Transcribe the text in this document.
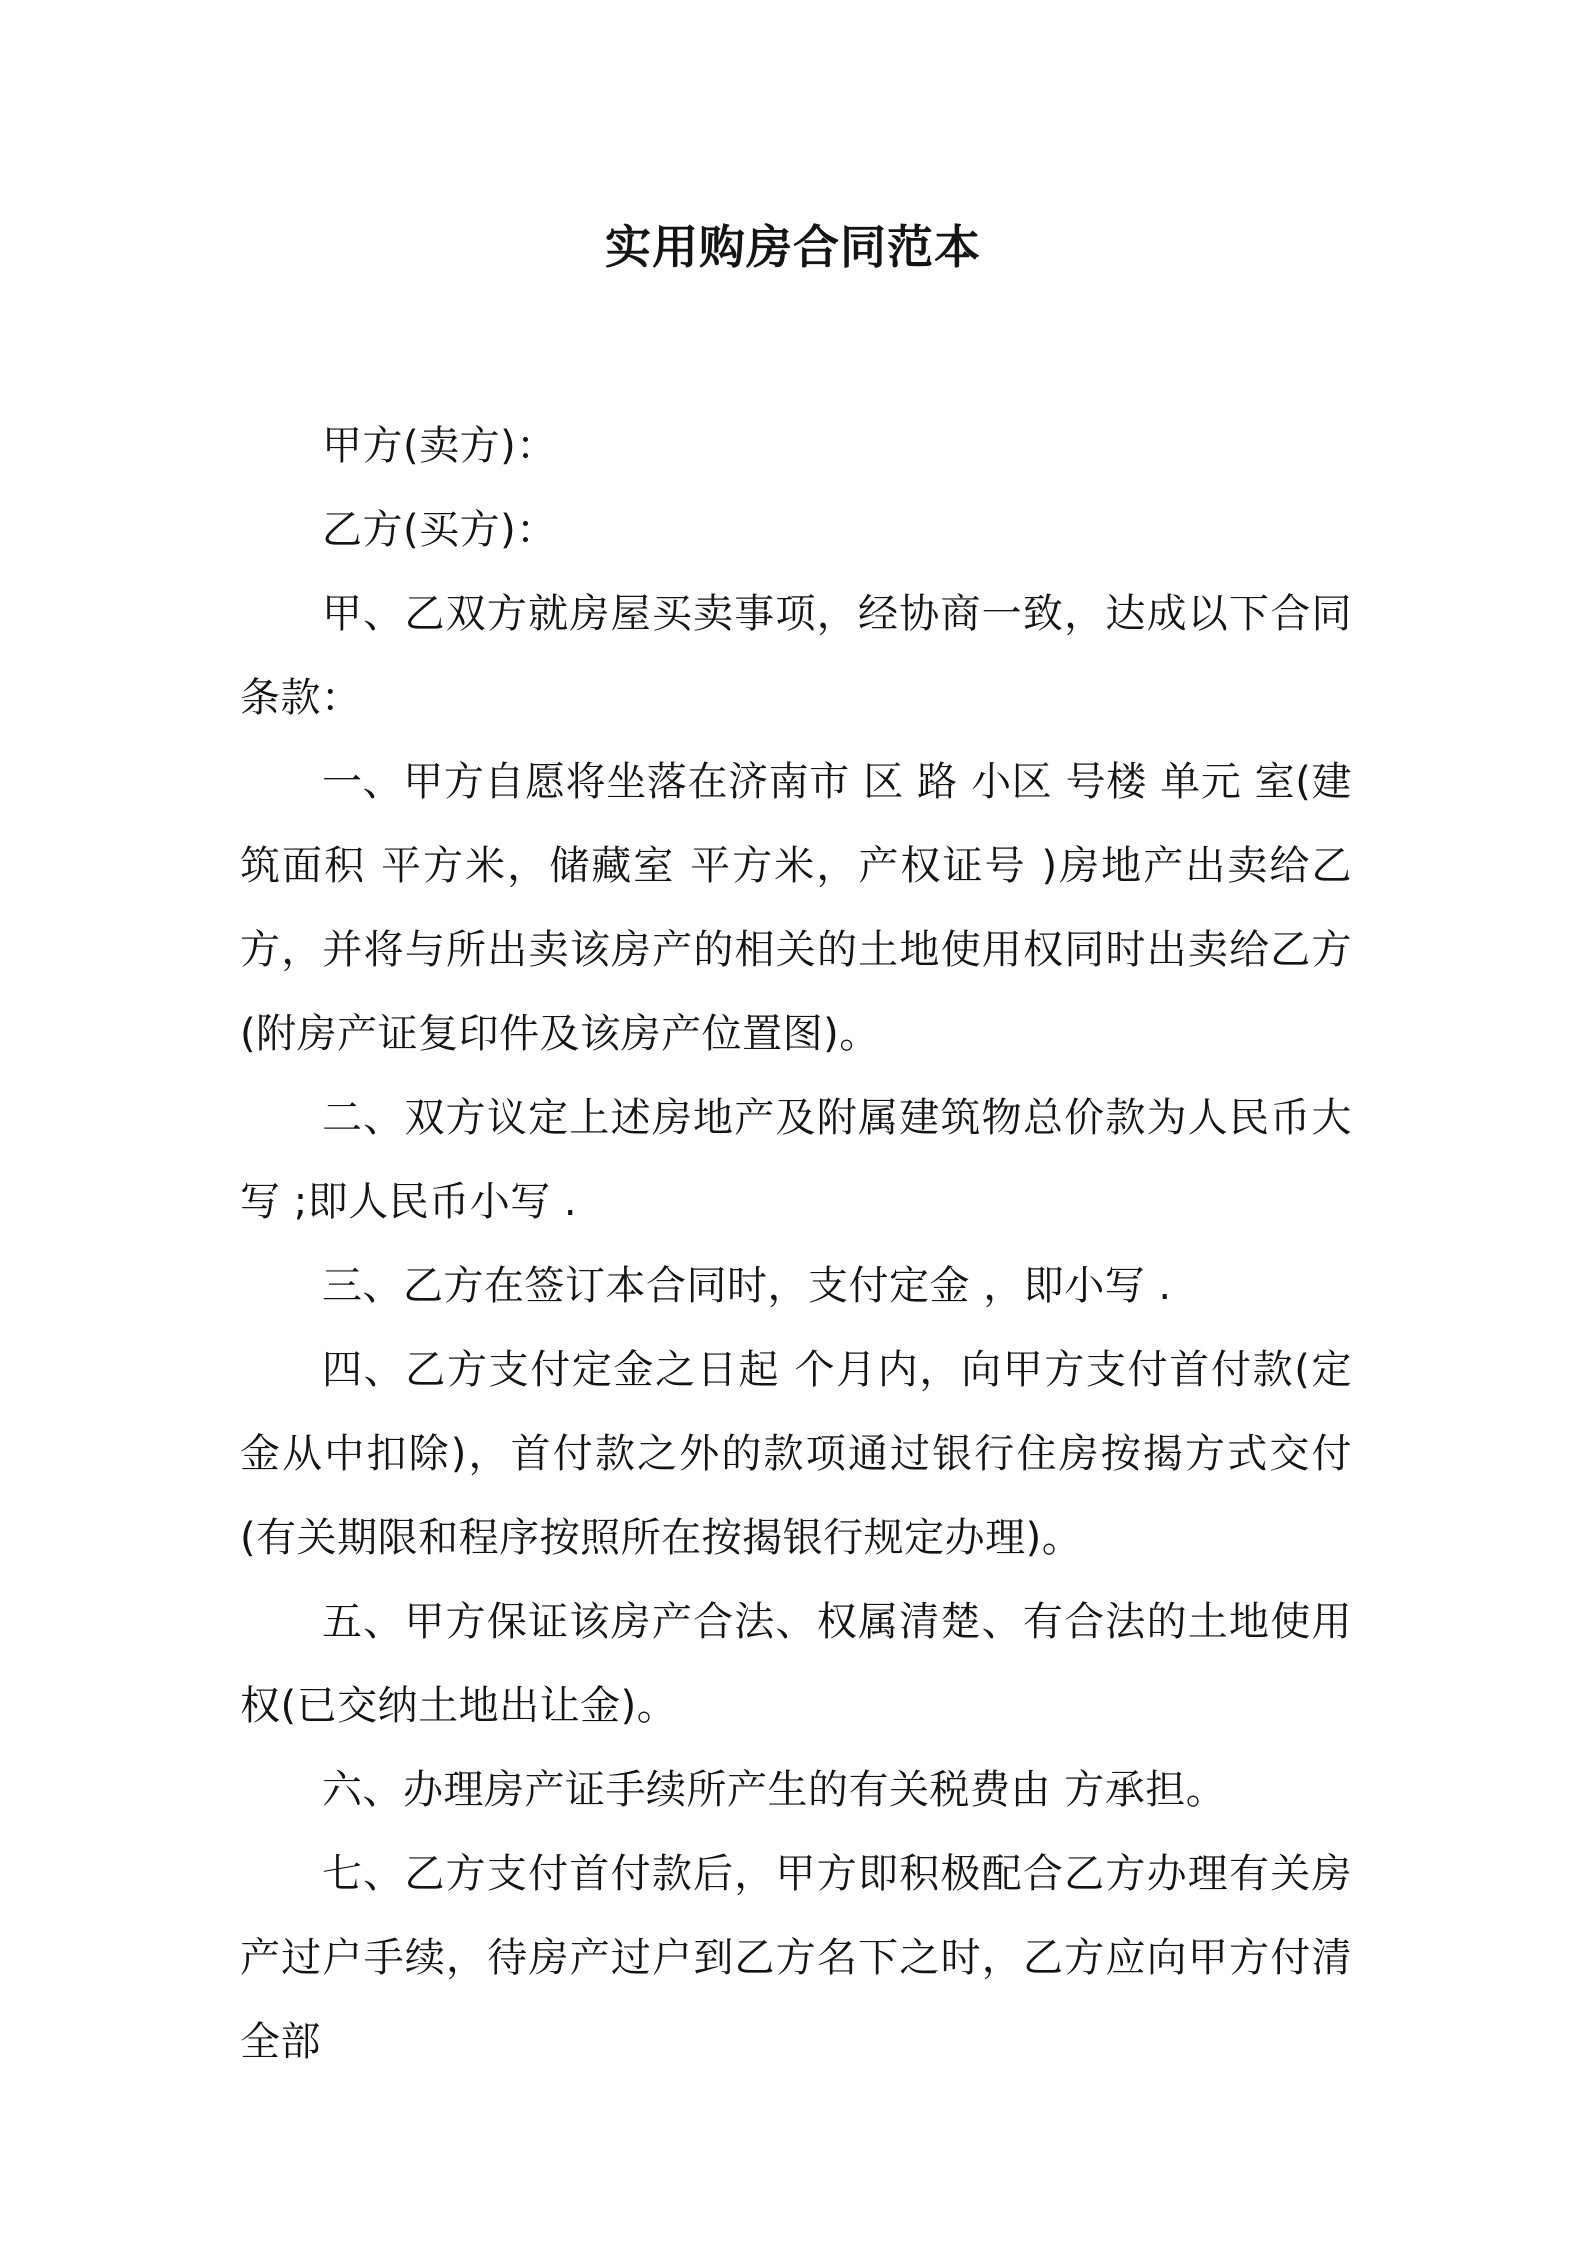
实用购房合同范本

甲方(卖方)：

乙方(买方)：

甲、乙双方就房屋买卖事项，经协商一致，达成以下合同条款：

一、甲方自愿将坐落在济南市 区 路 小区 号楼 单元 室(建筑面积 平方米，储藏室 平方米，产权证号 )房地产出卖给乙方，并将与所出卖该房产的相关的土地使用权同时出卖给乙方(附房产证复印件及该房产位置图)。

二、双方议定上述房地产及附属建筑物总价款为人民币大写 ;即人民币小写 .

三、乙方在签订本合同时，支付定金 ，即小写 .

四、乙方支付定金之日起 个月内，向甲方支付首付款(定金从中扣除)，首付款之外的款项通过银行住房按揭方式交付(有关期限和程序按照所在按揭银行规定办理)。

五、甲方保证该房产合法、权属清楚、有合法的土地使用权(已交纳土地出让金)。

六、办理房产证手续所产生的有关税费由 方承担。

七、乙方支付首付款后，甲方即积极配合乙方办理有关房产过户手续，待房产过户到乙方名下之时，乙方应向甲方付清全部
